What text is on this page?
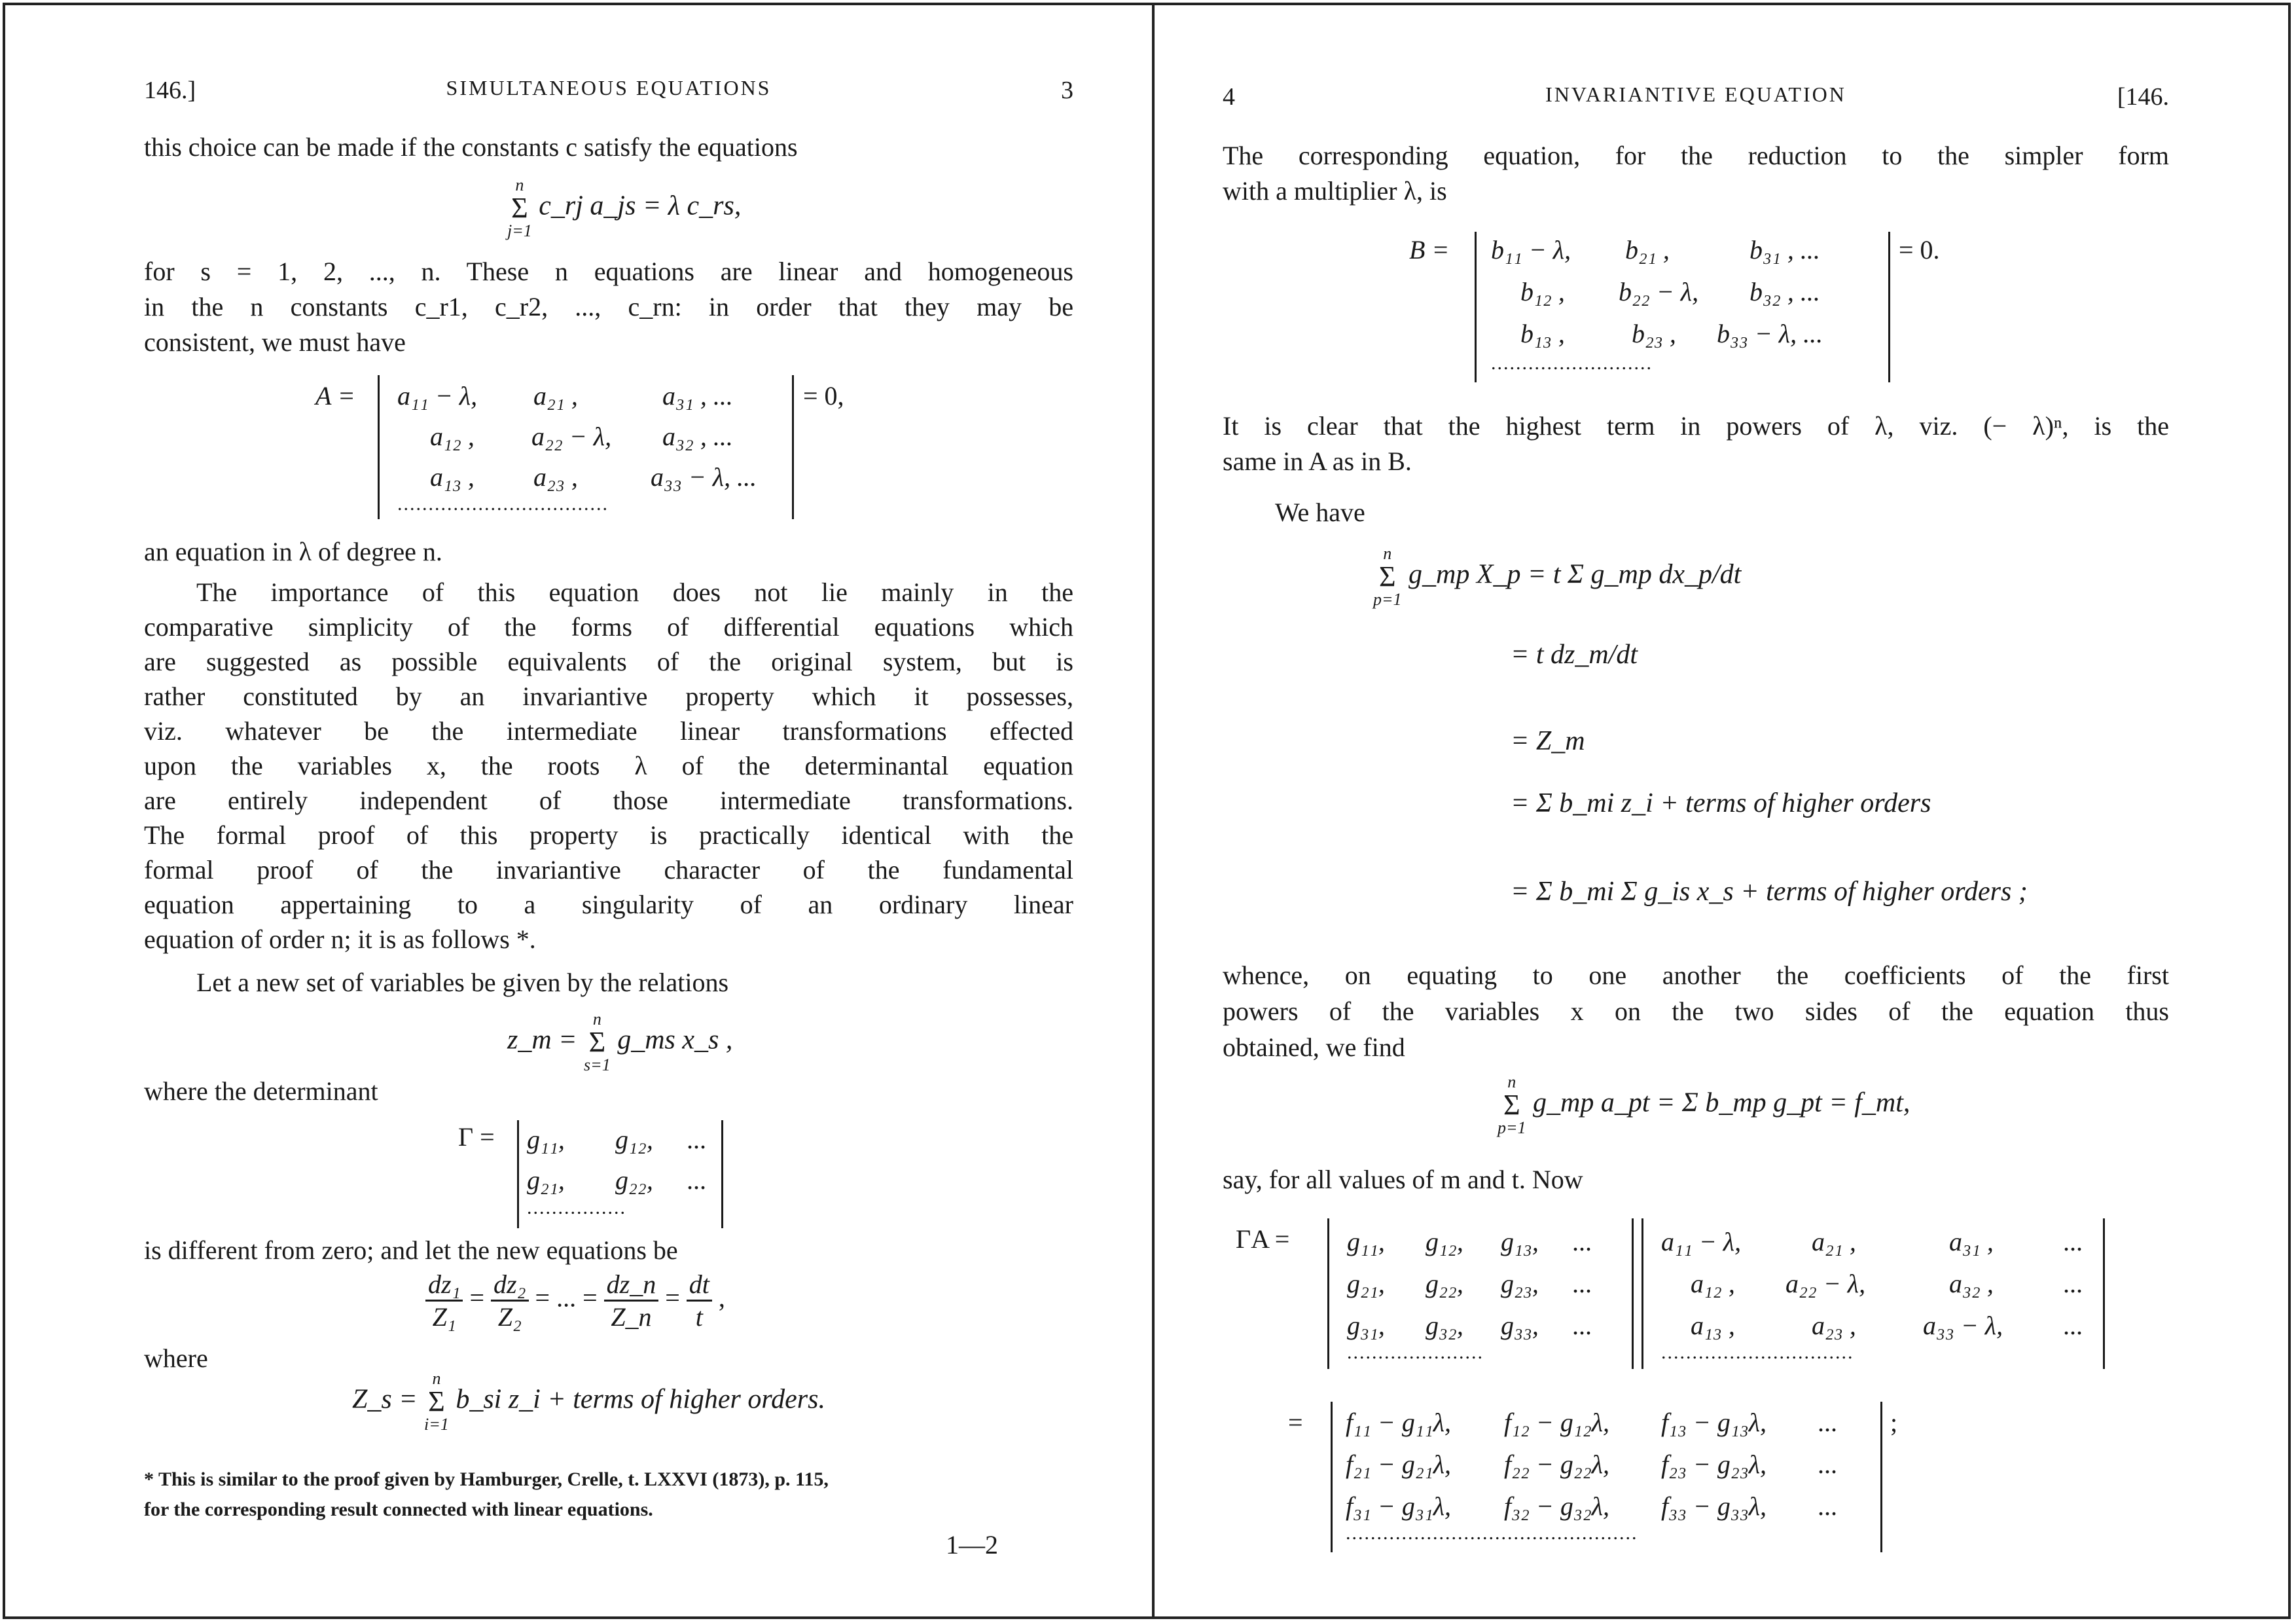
146.]	SIMULTANEOUS EQUATIONS	3
this choice can be made if the constants c satisfy the equations
n
Σ
j=1
c_rj a_js = λ c_rs,
for s = 1, 2, ..., n. These n equations are linear and homogeneous
in the n constants c_r1, c_r2, ..., c_rn: in order that they may be
consistent, we must have
A = a₁₁ − λ, a₂₁ ,	a₃₁ , ...
a₁₂ , a₂₂ − λ, a₃₂ , ...
a₁₃ , a₂₃ ,	a₃₃ − λ, ...
..................................
= 0,
an equation in λ of degree n.
The importance of this equation does not lie mainly in the
comparative simplicity of the forms of differential equations which
are suggested as possible equivalents of the original system, but is
rather constituted by an invariantive property which it possesses,
viz. whatever be the intermediate linear transformations effected
upon the variables x, the roots λ of the determinantal equation
are entirely independent of those intermediate transformations.
The formal proof of this property is practically identical with the
formal proof of the invariantive character of the fundamental
equation appertaining to a singularity of an ordinary linear
equation of order n; it is as follows *.
Let a new set of variables be given by the relations
z_m =
n
Σ
s=1
g_ms x_s ,
where the determinant
Γ = g₁₁, g₁₂, ...
g₂₁, g₂₂, ...
................
is different from zero; and let the new equations be
$\frac{\text{dz₁}}{\text{Z₁}} = \frac{\text{dz₂}}{\text{Z₂}}$ = ... = $\frac{dz\_n}{Z\_n} = \frac{dt}{t}$ ,
where
Z_s =
n
Σ
i=1
b_si z_i + terms of higher orders.
* This is similar to the proof given by Hamburger, Crelle, t. LXXVI (1873), p. 115,
for the corresponding result connected with linear equations.
1—2
4	INVARIANTIVE EQUATION	[146.
The corresponding equation, for the reduction to the simpler form
with a multiplier λ, is
B = b₁₁ − λ, b₂₁ ,	b₃₁ , ...
b₁₂ , b₂₂ − λ, b₃₂ , ...
b₁₃ ,	b₂₃ , b₃₃ − λ, ...
..........................
= 0.
It is clear that the highest term in powers of λ, viz. (− λ)ⁿ, is the
same in A as in B.
We have
n
Σ
p=1
g_mp X_p = t Σ g_mp dx_p/dt
= t dz_m/dt
= Z_m
= Σ b_mi z_i + terms of higher orders
= Σ b_mi Σ g_is x_s + terms of higher orders ;
whence, on equating to one another the coefficients of the first
powers of the variables x on the two sides of the equation thus
obtained, we find
n
Σ
p=1
g_mp a_pt = Σ b_mp g_pt = f_mt,
say, for all values of m and t. Now
ΓA = g₁₁, g₁₂, g₁₃, ...
g₂₁, g₂₂, g₂₃, ...
g₃₁, g₃₂, g₃₃, ...
......................
a₁₁ − λ,	a₂₁ ,	a₃₁ ,	...
a₁₂ , a₂₂ − λ,	a₃₂ ,	...
a₁₃ ,	a₂₃ ,	a₃₃ − λ, ...
...............................
= f₁₁ − g₁₁λ, f₁₂ − g₁₂λ, f₁₃ − g₁₃λ, ...
f₂₁ − g₂₁λ, f₂₂ − g₂₂λ, f₂₃ − g₂₃λ, ...
f₃₁ − g₃₁λ, f₃₂ − g₃₂λ, f₃₃ − g₃₃λ, ...
...............................................
;
